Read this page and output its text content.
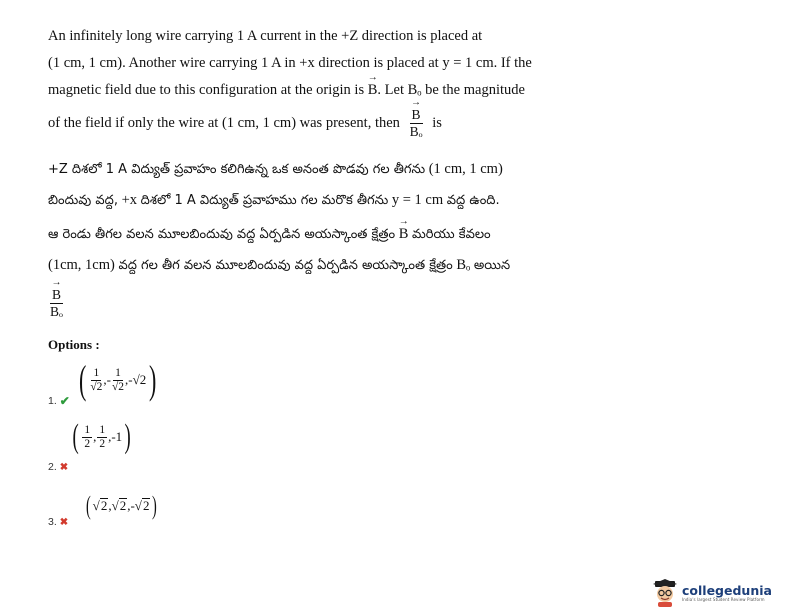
An infinitely long wire carrying 1 A current in the +Z direction is placed at
(1 cm, 1 cm). Another wire carrying 1 A in +x direction is placed at y = 1 cm. If the
magnetic field due to this configuration at the origin is → B. Let Bₒ be the magnitude
of the field if only the wire at (1 cm, 1 cm) was present, then → $\frac{B}{\text{Bₒ}}$ is
+Z దిశలో 1 A విద్యుత్ ప్రవాహం కలిగిఉన్న ఒక అనంత పొడవు గల తీగను (1 cm, 1 cm)
బిందువు వద్ద, +x దిశలో 1 A విద్యుత్ ప్రవాహము గల మరొక తీగను y = 1 cm వద్ద ఉంది.
ఆ రెండు తీగల వలన మూలబిందువు వద్ద ఏర్పడిన అయస్కాంత క్షేత్రం → B మరియు కేవలం
(1cm, 1cm) వద్ద గల తీగ వలన మూలబిందువు వద్ద ఏర్పడిన అయస్కాంత క్షేత్రం Bₒ అయిన
→ $\frac{B}{\text{Bₒ}}$
Options :
1. ✔ ( $\frac{1}{√2}$ , - $\frac{1}{√2}$ , - √2 )
2. ✖
( $\frac{1}{2}$ , $\frac{1}{2}$ , - 1 )
3. ✖
( √ 2 , √ 2 , - √ 2 )
collegedunia
India's largest Student Review Platform
